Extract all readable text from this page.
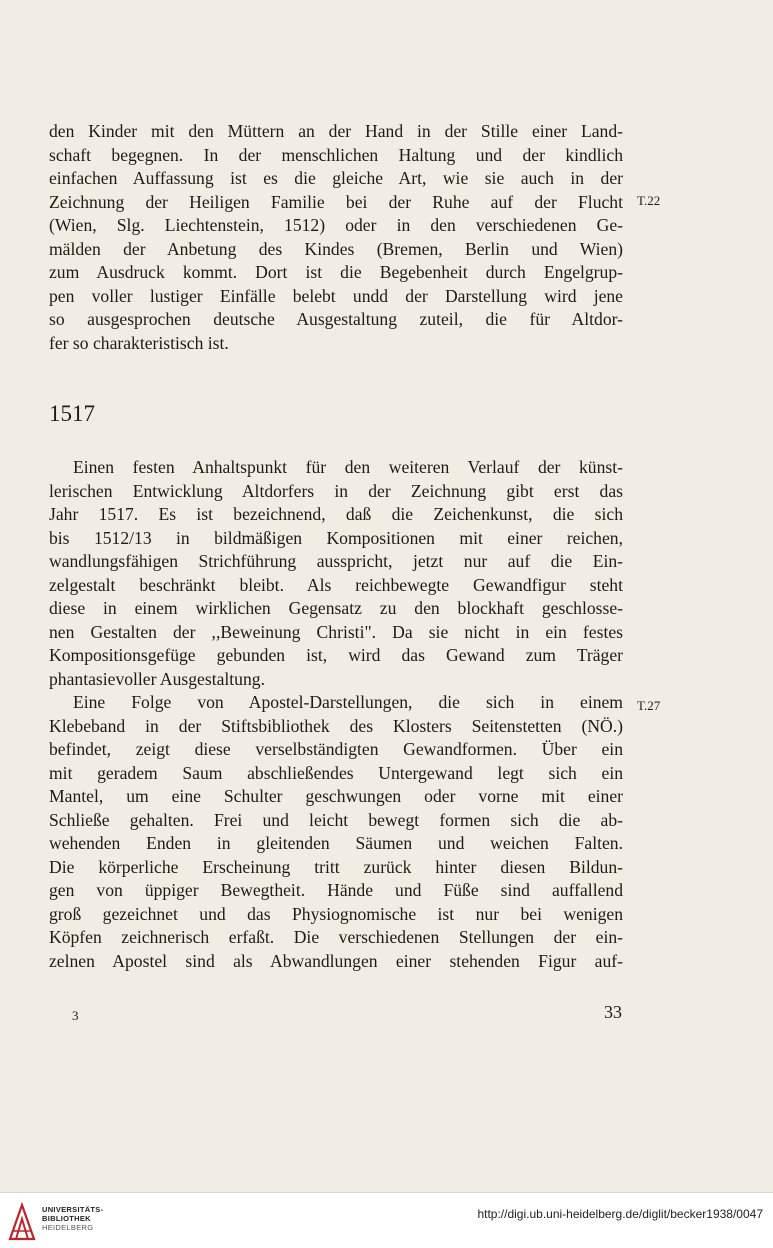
den Kinder mit den Müttern an der Hand in der Stille einer Land-
schaft begegnen. In der menschlichen Haltung und der kindlich
einfachen Auffassung ist es die gleiche Art, wie sie auch in der
Zeichnung der Heiligen Familie bei der Ruhe auf der Flucht
(Wien, Slg. Liechtenstein, 1512) oder in den verschiedenen Ge-
mälden der Anbetung des Kindes (Bremen, Berlin und Wien)
zum Ausdruck kommt. Dort ist die Begebenheit durch Engelgrup-
pen voller lustiger Einfälle belebt undd der Darstellung wird jene
so ausgesprochen deutsche Ausgestaltung zuteil, die für Altdor-
fer so charakteristisch ist.
1517
Einen festen Anhaltspunkt für den weiteren Verlauf der künst-
lerischen Entwicklung Altdorfers in der Zeichnung gibt erst das
Jahr 1517. Es ist bezeichnend, daß die Zeichenkunst, die sich
bis 1512/13 in bildmäßigen Kompositionen mit einer reichen,
wandlungsfähigen Strichführung ausspricht, jetzt nur auf die Ein-
zelgestalt beschränkt bleibt. Als reichbewegte Gewandfigur steht
diese in einem wirklichen Gegensatz zu den blockhaft geschlosse-
nen Gestalten der ,,Beweinung Christi". Da sie nicht in ein festes
Kompositionsgefüge gebunden ist, wird das Gewand zum Träger
phantasievoller Ausgestaltung.
Eine Folge von Apostel-Darstellungen, die sich in einem
Klebeband in der Stiftsbibliothek des Klosters Seitenstetten (NÖ.)
befindet, zeigt diese verselbständigten Gewandformen. Über ein
mit geradem Saum abschließendes Untergewand legt sich ein
Mantel, um eine Schulter geschwungen oder vorne mit einer
Schließe gehalten. Frei und leicht bewegt formen sich die ab-
wehenden Enden in gleitenden Säumen und weichen Falten.
Die körperliche Erscheinung tritt zurück hinter diesen Bildun-
gen von üppiger Bewegtheit. Hände und Füße sind auffallend
groß gezeichnet und das Physiognomische ist nur bei wenigen
Köpfen zeichnerisch erfaßt. Die verschiedenen Stellungen der ein-
zelnen Apostel sind als Abwandlungen einer stehenden Figur auf-
T.22
T.27
3	33
UNIVERSITÄTS-
BIBLIOTHEK
HEIDELBERG
http://digi.ub.uni-heidelberg.de/diglit/becker1938/0047
